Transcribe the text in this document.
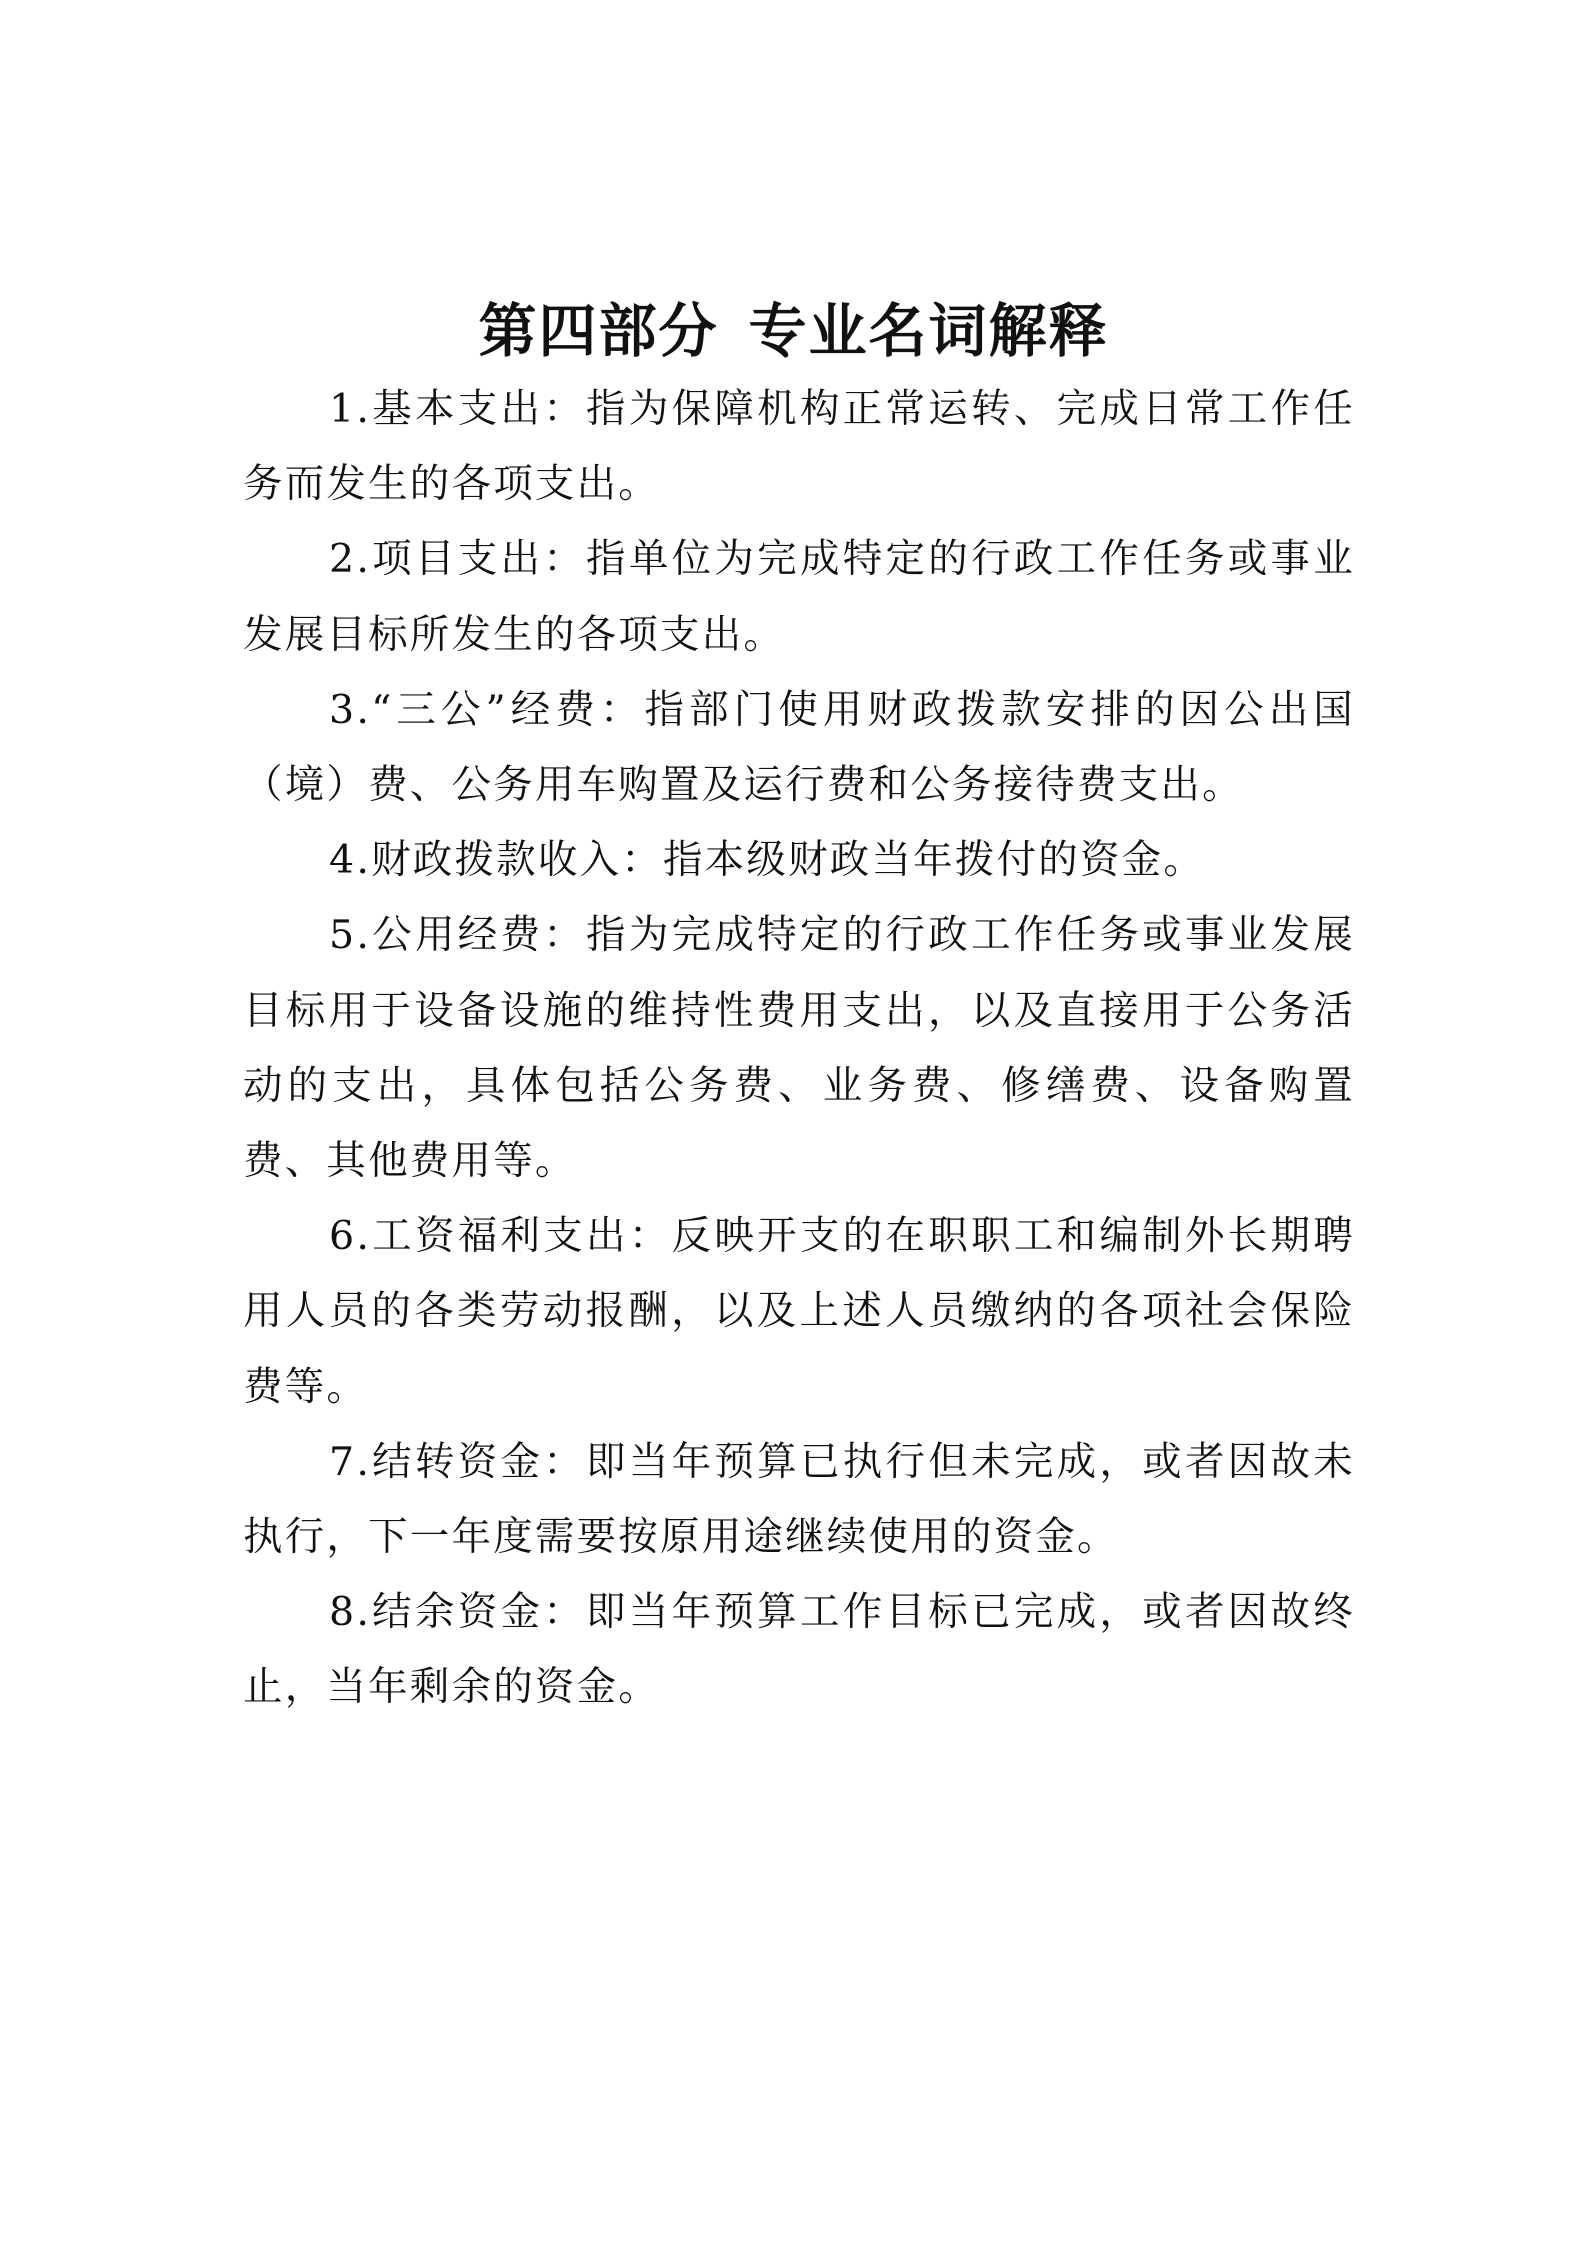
第四部分 专业名词解释

1.基本支出：指为保障机构正常运转、完成日常工作任务而发生的各项支出。

2.项目支出：指单位为完成特定的行政工作任务或事业发展目标所发生的各项支出。

3.“三公”经费：指部门使用财政拨款安排的因公出国（境）费、公务用车购置及运行费和公务接待费支出。

4.财政拨款收入：指本级财政当年拨付的资金。

5.公用经费：指为完成特定的行政工作任务或事业发展目标用于设备设施的维持性费用支出，以及直接用于公务活动的支出，具体包括公务费、业务费、修缮费、设备购置费、其他费用等。

6.工资福利支出：反映开支的在职职工和编制外长期聘用人员的各类劳动报酬，以及上述人员缴纳的各项社会保险费等。

7.结转资金：即当年预算已执行但未完成，或者因故未执行，下一年度需要按原用途继续使用的资金。

8.结余资金：即当年预算工作目标已完成，或者因故终止，当年剩余的资金。
